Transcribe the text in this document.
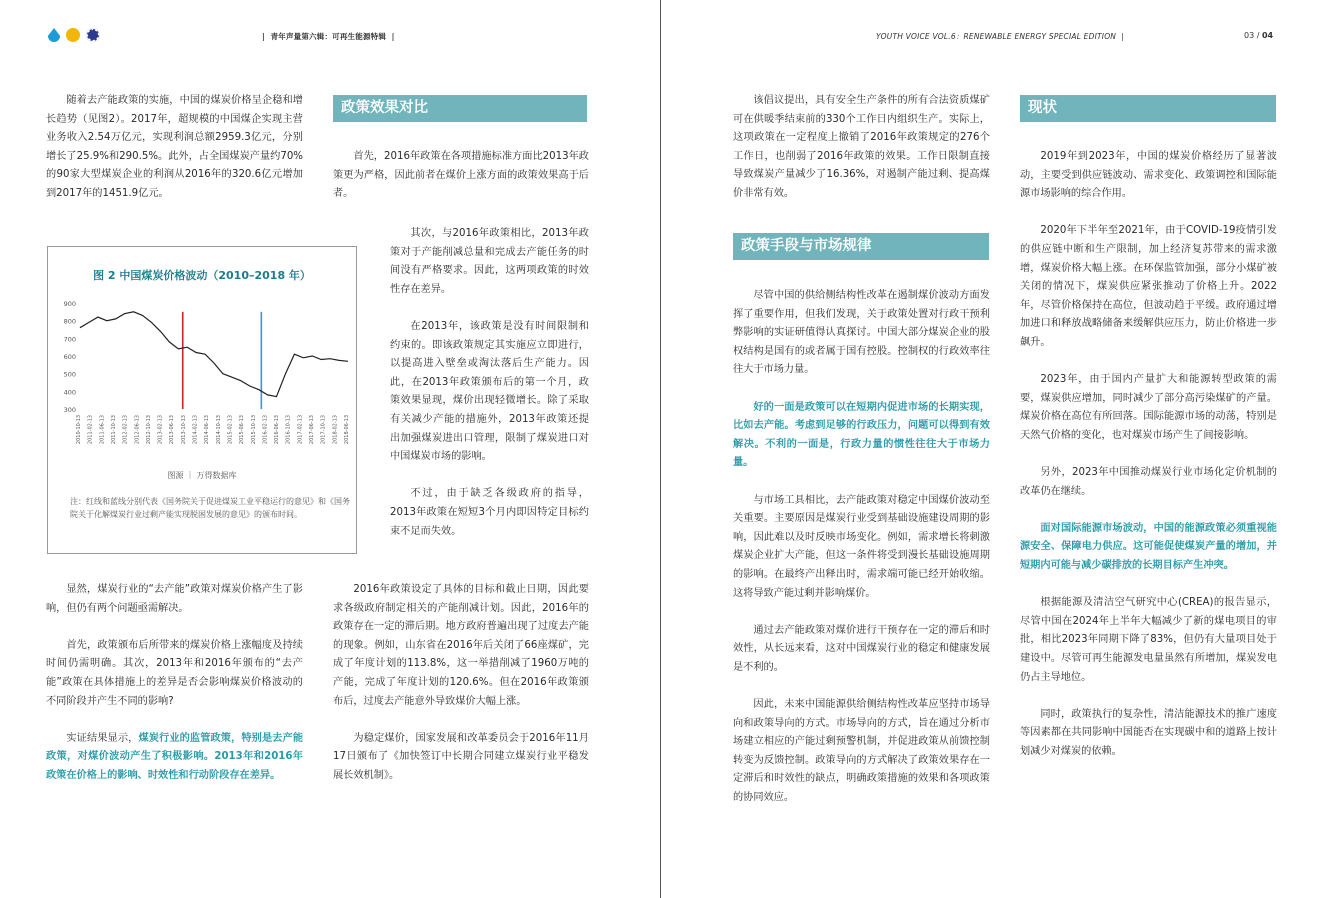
|  青年声量第六辑：可再生能源特辑  |	YOUTH VOICE VOL.6：RENEWABLE ENERGY SPECIAL EDITION  |	03 / 04

随着去产能政策的实施，中国的煤炭价格呈企稳和增长趋势（见图2）。2017年，超规模的中国煤企实现主营业务收入2.54万亿元，实现利润总额2959.3亿元，分别增长了25.9%和290.5%。此外，占全国煤炭产量约70%的90家大型煤炭企业的利润从2016年的320.6亿元增加到2017年的1451.9亿元。

图 2 中国煤炭价格波动（2010–2018 年）
900
800
700
600
500
400
300
2010-10-13 2011-02-13 2011-06-13 2011-10-13 2012-02-13 2012-06-13 2012-10-13 2013-02-13 2013-06-13 2013-10-13 2014-02-13 2014-06-13 2014-10-13 2015-02-13 2015-06-13 2015-10-13 2016-02-13 2016-06-13 2016-10-13 2017-02-13 2017-06-13 2017-10-13 2018-02-13 2018-06-13
图源 ｜ 万得数据库
注：红线和蓝线分别代表《国务院关于促进煤炭工业平稳运行的意见》和《国务院关于化解煤炭行业过剩产能实现脱困发展的意见》的颁布时间。

显然，煤炭行业的“去产能”政策对煤炭价格产生了影响，但仍有两个问题亟需解决。

首先，政策颁布后所带来的煤炭价格上涨幅度及持续时间仍需明确。其次，2013年和2016年颁布的“去产能”政策在具体措施上的差异是否会影响煤炭价格波动的不同阶段并产生不同的影响?

实证结果显示，煤炭行业的监管政策，特别是去产能政策，对煤价波动产生了积极影响。2013年和2016年政策在价格上的影响、时效性和行动阶段存在差异。

政策效果对比

首先，2016年政策在各项措施标准方面比2013年政策更为严格，因此前者在煤价上涨方面的政策效果高于后者。

其次，与2016年政策相比，2013年政策对于产能削减总量和完成去产能任务的时间没有严格要求。因此，这两项政策的时效性存在差异。

在2013年，该政策是没有时间限制和约束的。即该政策规定其实施应立即进行，以提高进入壁垒或淘汰落后生产能力。因此，在2013年政策颁布后的第一个月，政策效果显现，煤价出现轻微增长。除了采取有关减少产能的措施外，2013年政策还提出加强煤炭进出口管理，限制了煤炭进口对中国煤炭市场的影响。

不过，由于缺乏各级政府的指导，2013年政策在短短3个月内即因特定目标约束不足而失效。

2016年政策设定了具体的目标和截止日期，因此要求各级政府制定相关的产能削减计划。因此，2016年的政策存在一定的滞后期。地方政府普遍出现了过度去产能的现象。例如，山东省在2016年后关闭了66座煤矿，完成了年度计划的113.8%，这一举措削减了1960万吨的产能，完成了年度计划的120.6%。但在2016年政策颁布后，过度去产能意外导致煤价大幅上涨。

为稳定煤价，国家发展和改革委员会于2016年11月17日颁布了《加快签订中长期合同建立煤炭行业平稳发展长效机制》。

该倡议提出，具有安全生产条件的所有合法资质煤矿可在供暖季结束前的330个工作日内组织生产。实际上，这项政策在一定程度上撤销了2016年政策规定的276个工作日，也削弱了2016年政策的效果。工作日限制直接导致煤炭产量减少了16.36%，对遏制产能过剩、提高煤价非常有效。

政策手段与市场规律

尽管中国的供给侧结构性改革在遏制煤价波动方面发挥了重要作用，但我们发现，关于政策处置对行政干预利弊影响的实证研值得认真探讨。中国大部分煤炭企业的股权结构是国有的或者属于国有控股。控制权的行政效率往往大于市场力量。

好的一面是政策可以在短期内促进市场的长期实现，比如去产能。考虑到足够的行政压力，问题可以得到有效解决。不利的一面是，行政力量的惯性往往大于市场力量。

与市场工具相比，去产能政策对稳定中国煤价波动至关重要。主要原因是煤炭行业受到基础设施建设周期的影响，因此难以及时反映市场变化。例如，需求增长将刺激煤炭企业扩大产能，但这一条件将受到漫长基础设施周期的影响。在最终产出释出时，需求端可能已经开始收缩。这将导致产能过剩并影响煤价。

通过去产能政策对煤价进行干预存在一定的滞后和时效性，从长远来看，这对中国煤炭行业的稳定和健康发展是不利的。

因此，未来中国能源供给侧结构性改革应坚持市场导向和政策导向的方式。市场导向的方式，旨在通过分析市场建立相应的产能过剩预警机制，并促进政策从前馈控制转变为反馈控制。政策导向的方式解决了政策效果存在一定滞后和时效性的缺点，明确政策措施的效果和各项政策的协同效应。

现状

2019年到2023年，中国的煤炭价格经历了显著波动，主要受到供应链波动、需求变化、政策调控和国际能源市场影响的综合作用。

2020年下半年至2021年，由于COVID-19疫情引发的供应链中断和生产限制，加上经济复苏带来的需求激增，煤炭价格大幅上涨。在环保监管加强，部分小煤矿被关闭的情况下，煤炭供应紧张推动了价格上升。2022年，尽管价格保持在高位，但波动趋于平缓。政府通过增加进口和释放战略储备来缓解供应压力，防止价格进一步飙升。

2023年，由于国内产量扩大和能源转型政策的需要，煤炭供应增加，同时减少了部分高污染煤矿的产量。煤炭价格在高位有所回落。国际能源市场的动荡，特别是天然气价格的变化，也对煤炭市场产生了间接影响。

另外，2023年中国推动煤炭行业市场化定价机制的改革仍在继续。

面对国际能源市场波动，中国的能源政策必须重视能源安全、保障电力供应。这可能促使煤炭产量的增加，并短期内可能与减少碳排放的长期目标产生冲突。

根据能源及清洁空气研究中心(CREA)的报告显示，尽管中国在2024年上半年大幅减少了新的煤电项目的审批，相比2023年同期下降了83%，但仍有大量项目处于建设中。尽管可再生能源发电量虽然有所增加，煤炭发电仍占主导地位。

同时，政策执行的复杂性，清洁能源技术的推广速度等因素都在共同影响中国能否在实现碳中和的道路上按计划减少对煤炭的依赖。
